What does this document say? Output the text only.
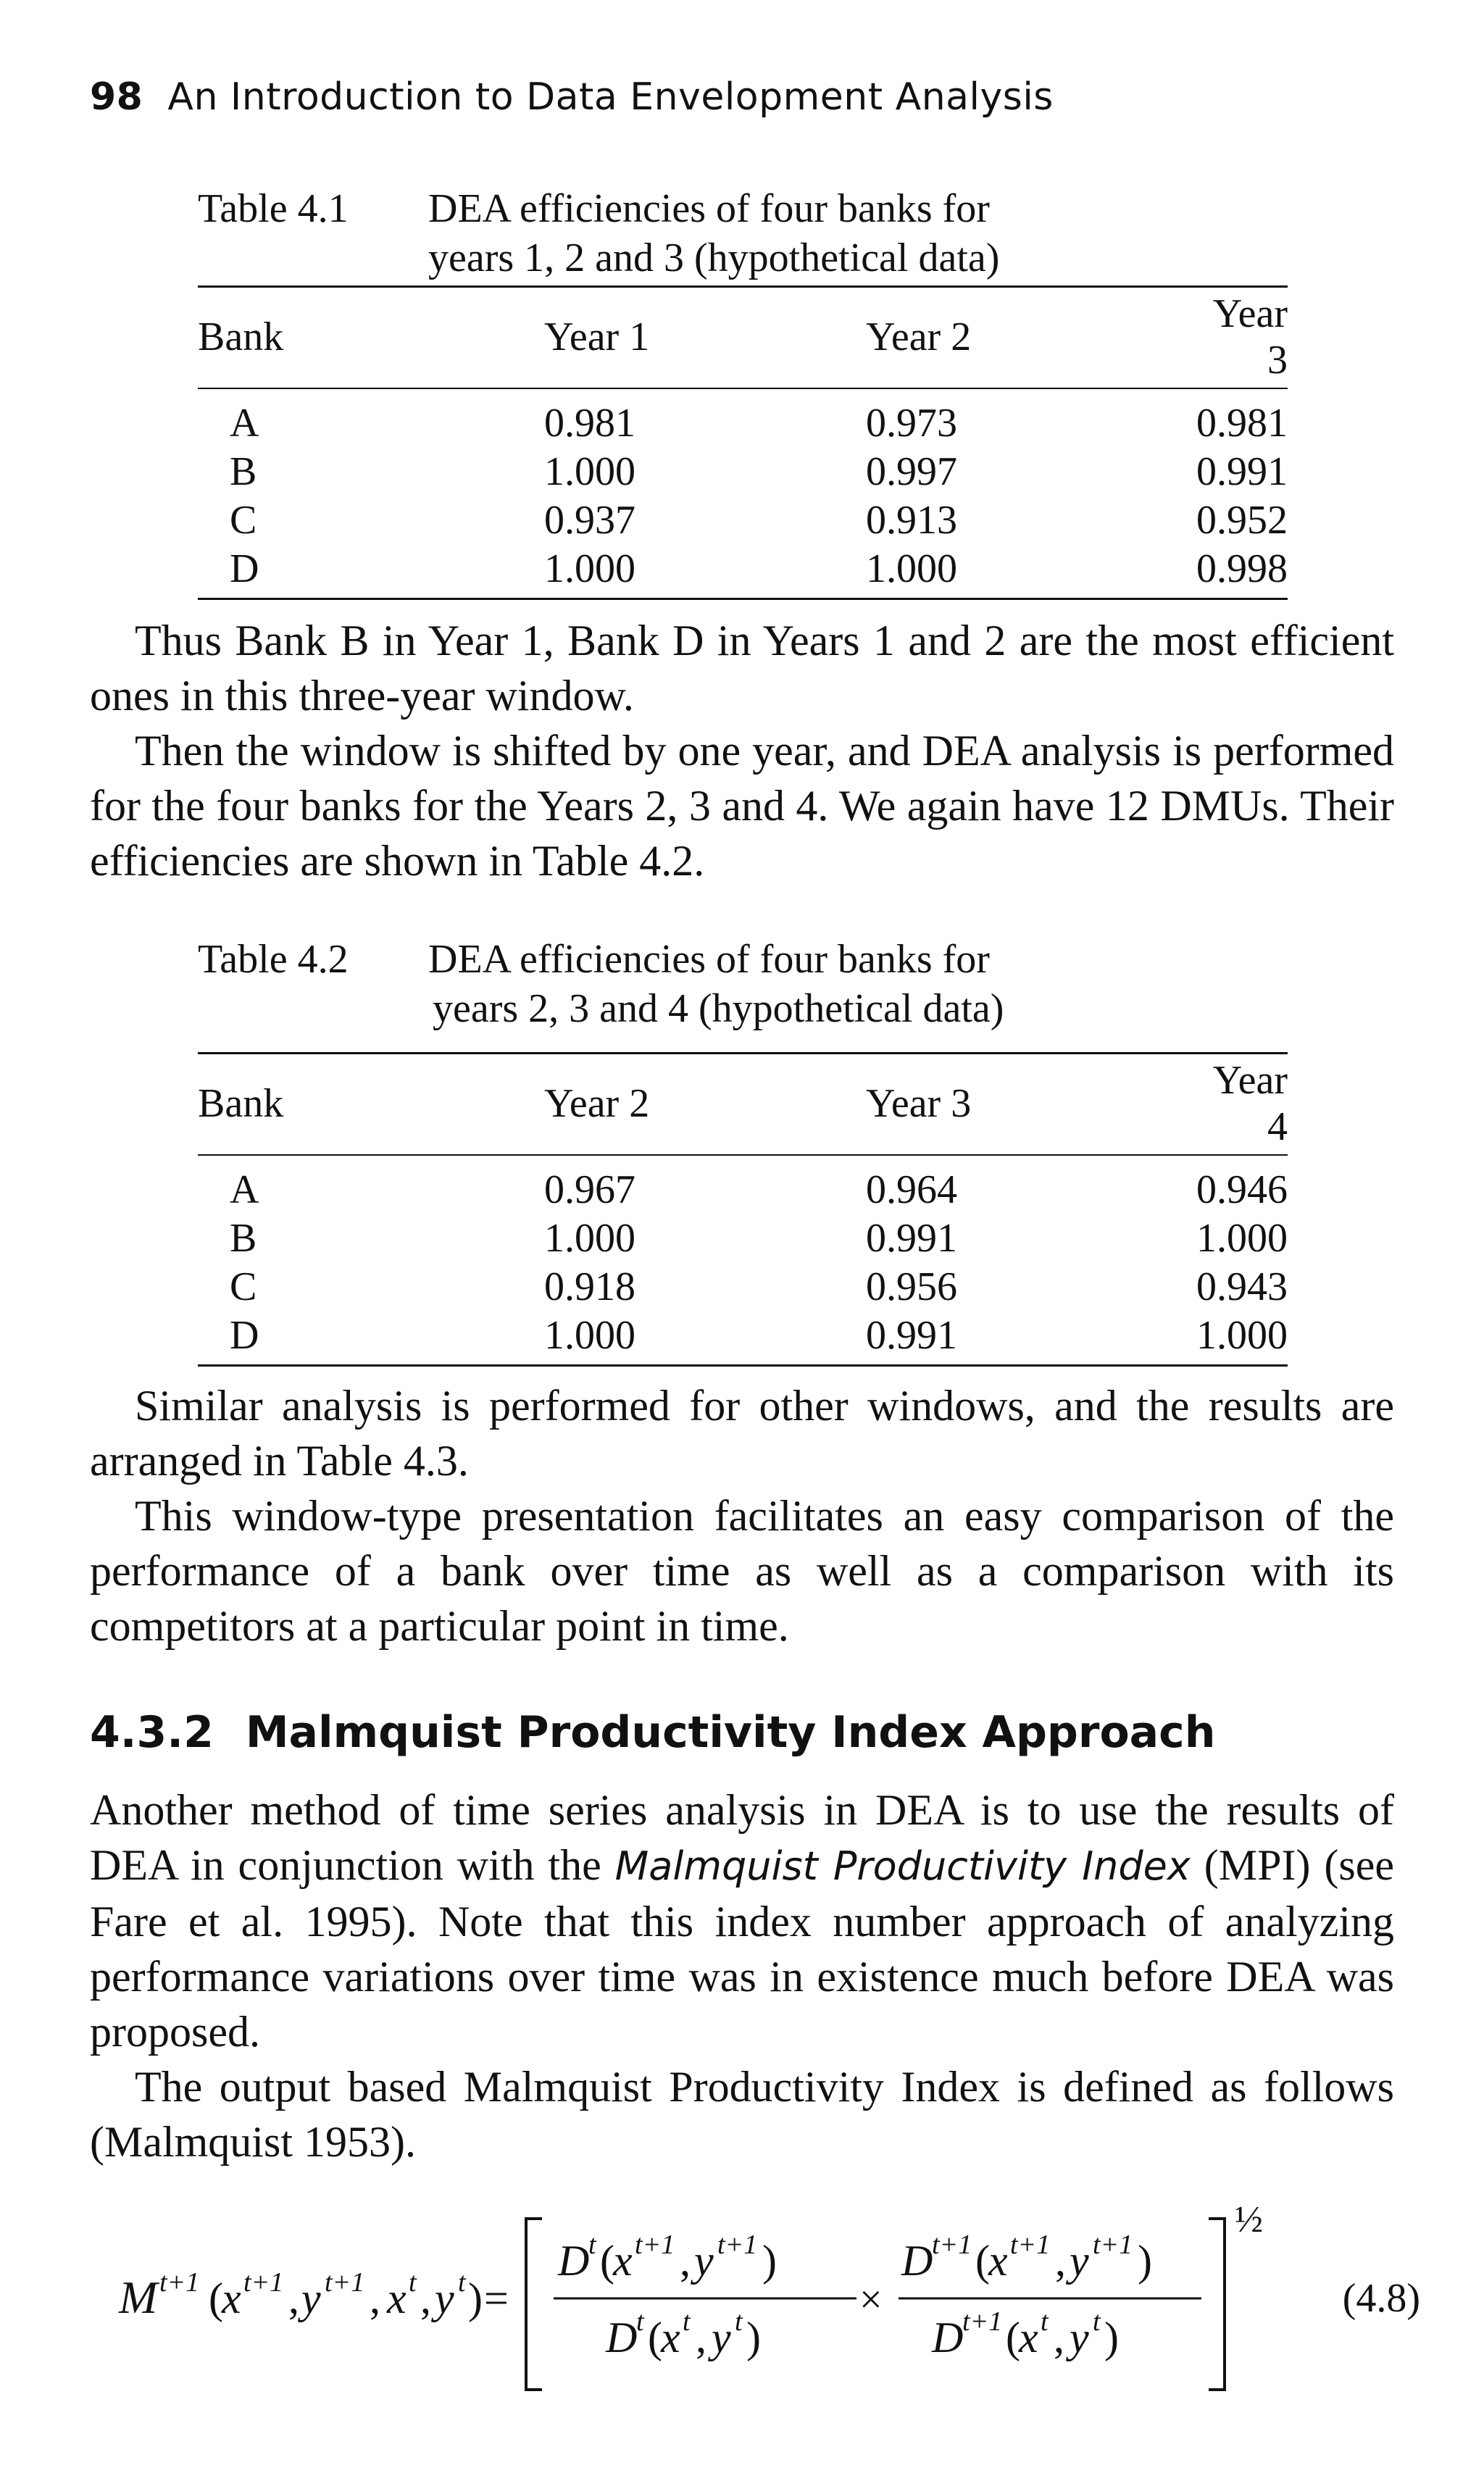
98 An Introduction to Data Envelopment Analysis
Table 4.1 DEA efficiencies of four banks for
years 1, 2 and 3 (hypothetical data)
Bank	Year 1	Year 2	Year 3
A	0.981	0.973	0.981
B	1.000	0.997	0.991
C	0.937	0.913	0.952
D	1.000	1.000	0.998

Thus Bank B in Year 1, Bank D in Years 1 and 2 are the most efficient ones in this three-year window.

Then the window is shifted by one year, and DEA analysis is performed for the four banks for the Years 2, 3 and 4. We again have 12 DMUs. Their efficiencies are shown in Table 4.2.

Table 4.2 DEA efficiencies of four banks for
years 2, 3 and 4 (hypothetical data)
Bank	Year 2	Year 3	Year 4
A	0.967	0.964	0.946
B	1.000	0.991	1.000
C	0.918	0.956	0.943
D	1.000	0.991	1.000

Similar analysis is performed for other windows, and the results are arranged in Table 4.3.

This window-type presentation facilitates an easy comparison of the performance of a bank over time as well as a comparison with its competitors at a particular point in time.

4.3.2 Malmquist Productivity Index Approach

Another method of time series analysis in DEA is to use the results of DEA in conjunction with the Malmquist Productivity Index (MPI) (see Fare et al. 1995). Note that this index number approach of analyzing performance variations over time was in existence much before DEA was proposed.

The output based Malmquist Productivity Index is defined as follows (Malmquist 1953).

M t+1 (
x t+1 , y t+1 , x t , y t ) =
D
t (
x t+1 , y t+1 )
D
t (
x t , y t )
×
D
t+1 (
x t+1 , y t+1 )
D
t+1 (
x t , y t )
½
(4.8)
